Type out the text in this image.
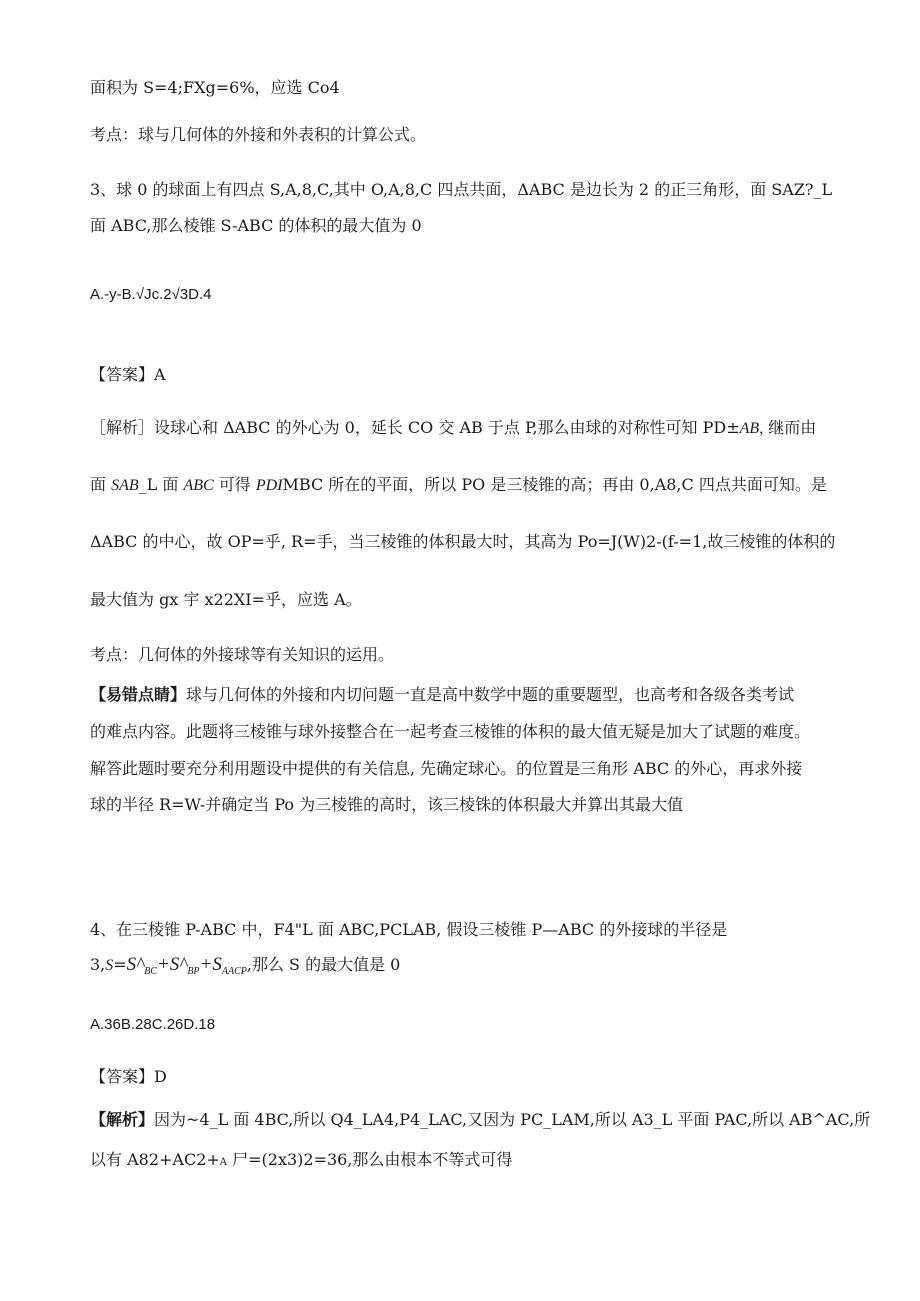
面积为 S=4;FXg=6%，应选 Co4
考点：球与几何体的外接和外表积的计算公式。
3、球 0 的球面上有四点 S,A,8,C,其中 O,A,8,C 四点共面，ΔABC 是边长为 2 的正三角形，面 SAZ?_L
面 ABC,那么棱锥 S-ABC 的体积的最大值为 0
A.-y-B.√Jc.2√3D.4
【答案】A
［解析］设球心和 ΔABC 的外心为 0，延长 CO 交 AB 于点 P,那么由球的对称性可知 PD±AB, 继而由
面 SAB_L 面 ABC 可得 PDIMBC 所在的平面，所以 PO 是三棱锥的高；再由 0,A8,C 四点共面可知。是
ΔABC 的中心，故 OP=乎, R=手，当三棱锥的体积最大时，其高为 Po=J(W)2-(f-=1,故三棱锥的体积的
最大值为 gx 宇 x22XI=乎，应选 A。
考点：几何体的外接球等有关知识的运用。
【易错点睛】球与几何体的外接和内切问题一直是高中数学中题的重要题型，也高考和各级各类考试
的难点内容。此题将三棱锥与球外接整合在一起考查三棱锥的体积的最大值无疑是加大了试题的难度。
解答此题时要充分利用题设中提供的有关信息, 先确定球心。的位置是三角形 ABC 的外心，再求外接
球的半径 R=W-并确定当 Po 为三棱锥的高时，该三棱铢的体积最大并算出其最大值
4、在三棱锥 P-ABC 中，F4"L 面 ABC,PCLAB, 假设三棱锥 P—ABC 的外接球的半径是
$3,S=S\^{}_{BC}+S\^{}_{BP}+S_{AACP}$,那么 S 的最大值是 0
A.36B.28C.26D.18
【答案】D
【解析】因为~4_L 面 4BC,所以 Q4_LA4,P4_LAC,又因为 PC_LAM,所以 A3_L 平面 PAC,所以 AB^AC,所
以有 A82+AC2+A 尸=(2x3)2=36,那么由根本不等式可得
